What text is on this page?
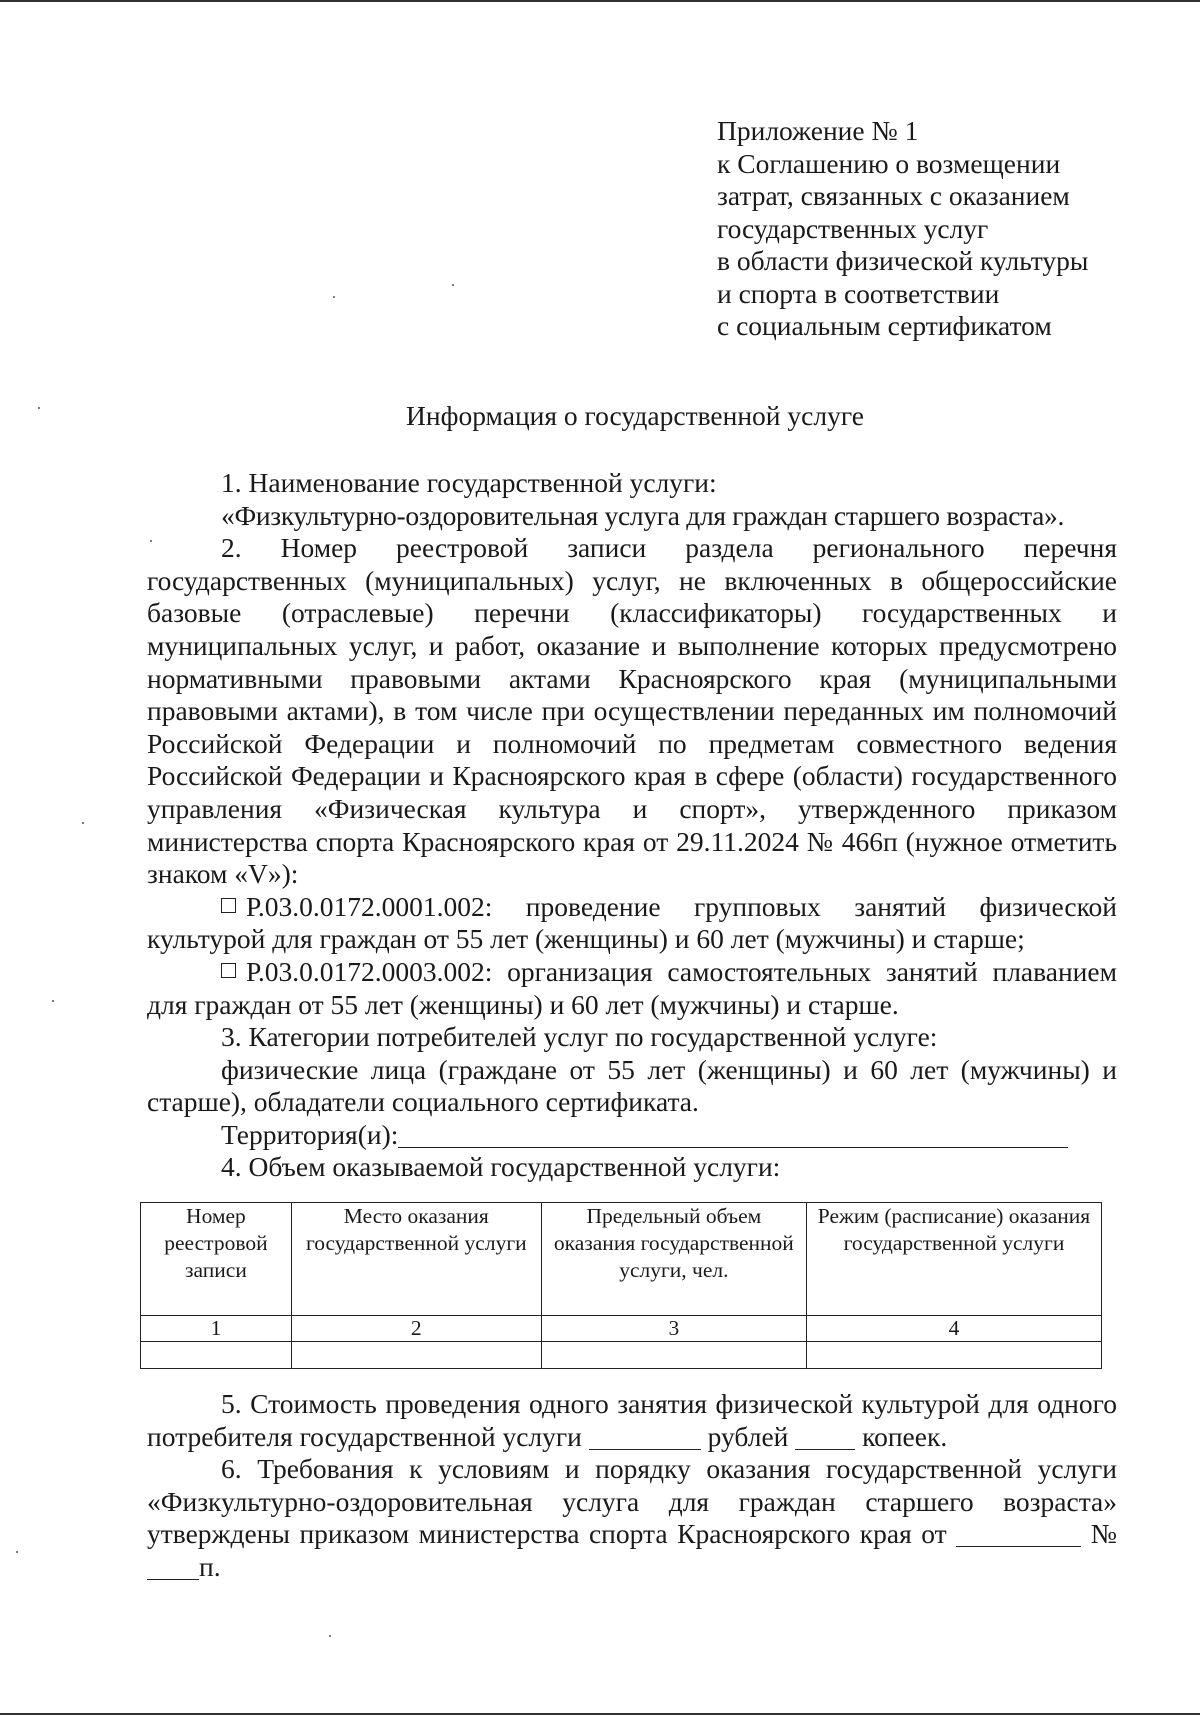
Приложение № 1
к Соглашению о возмещении
затрат, связанных с оказанием
государственных услуг
в области физической культуры
и спорта в соответствии
с социальным сертификатом
Информация о государственной услуге

1. Наименование государственной услуги:

«Физкультурно-оздоровительная услуга для граждан старшего возраста».

2. Номер реестровой записи раздела регионального перечня государственных (муниципальных) услуг, не включенных в общероссийские базовые (отраслевые) перечни (классификаторы) государственных и муниципальных услуг, и работ, оказание и выполнение которых предусмотрено нормативными правовыми актами Красноярского края (муниципальными правовыми актами), в том числе при осуществлении переданных им полномочий Российской Федерации и полномочий по предметам совместного ведения Российской Федерации и Красноярского края в сфере (области) государственного управления «Физическая культура и спорт», утвержденного приказом министерства спорта Красноярского края от 29.11.2024 № 466п (нужное отметить знаком «V»):

Р.03.0.0172.0001.002: проведение групповых занятий физической культурой для граждан от 55 лет (женщины) и 60 лет (мужчины) и старше;

Р.03.0.0172.0003.002: организация самостоятельных занятий плаванием для граждан от 55 лет (женщины) и 60 лет (мужчины) и старше.

3. Категории потребителей услуг по государственной услуге:

физические лица (граждане от 55 лет (женщины) и 60 лет (мужчины) и старше), обладатели социального сертификата.

Территория(и):

4. Объем оказываемой государственной услуги:

Номер реестровой записи	Место оказания государственной услуги	Предельный объем оказания государственной услуги, чел.	Режим (расписание) оказания государственной услуги
1	2	3	4

5. Стоимость проведения одного занятия физической культурой для одного потребителя государственной услуги	рублей	копеек.

6. Требования к условиям и порядку оказания государственной услуги «Физкультурно-оздоровительная услуга для граждан старшего возраста» утверждены приказом министерства спорта Красноярского края от	№ п.
